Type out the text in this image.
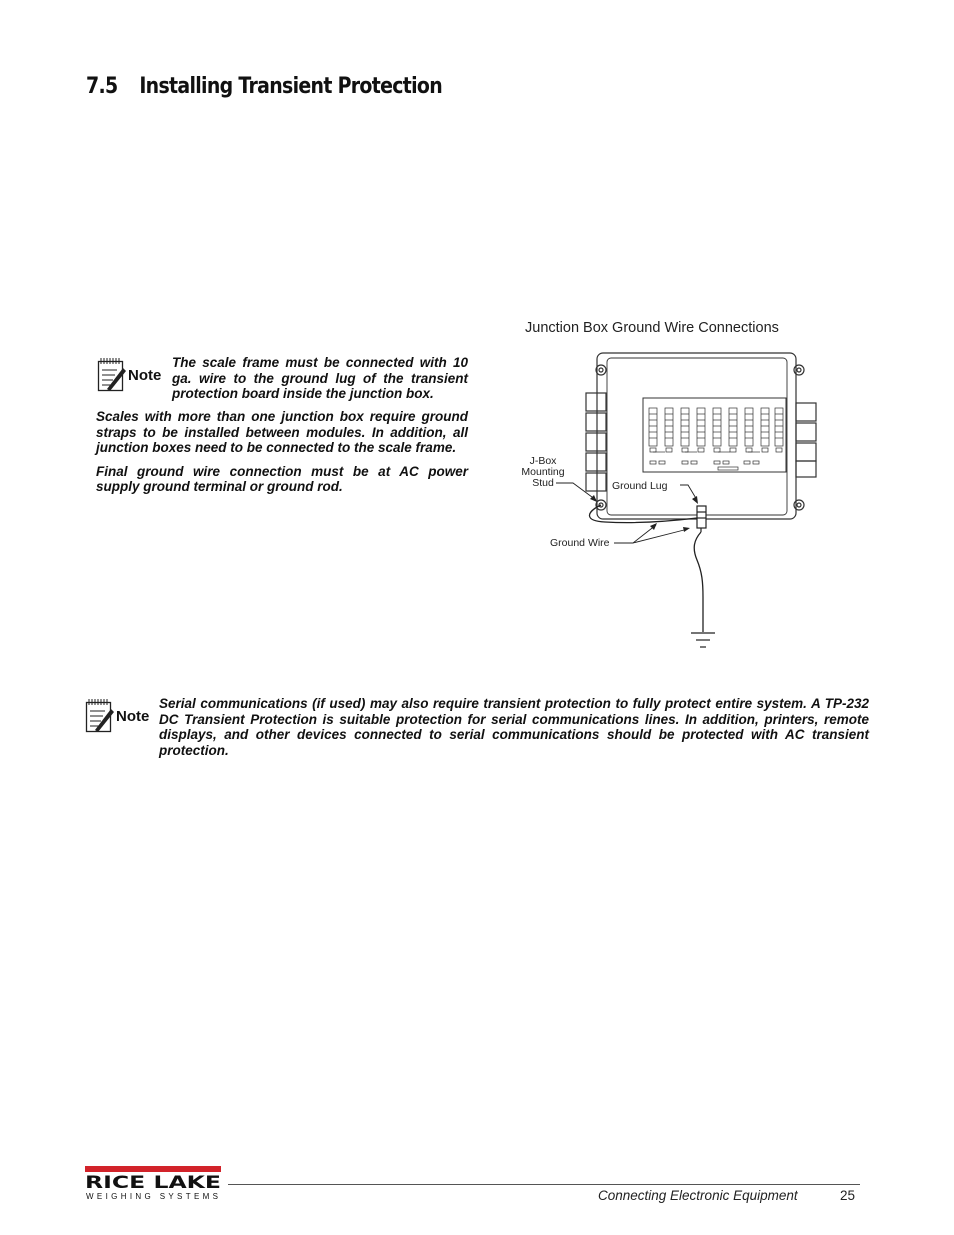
7.5 Installing Transient Protection
Note

The scale frame must be connected with 10 ga. wire to the ground lug of the transient protection board inside the junction box.

Scales with more than one junction box require ground straps to be installed between modules. In addition, all junction boxes need to be connected to the scale frame.

Final ground wire connection must be at AC power supply ground terminal or ground rod.

Junction Box Ground Wire Connections
J-Box
Mounting
Stud	Ground Lug
Ground Wire
Note

Serial communications (if used) may also require transient protection to fully protect entire system. A TP-232 DC Transient Protection is suitable protection for serial communications lines. In addition, printers, remote displays, and other devices connected to serial communications should be protected with AC transient protection.

RICE LAKE
WEIGHING SYSTEMS	Connecting Electronic Equipment	25
